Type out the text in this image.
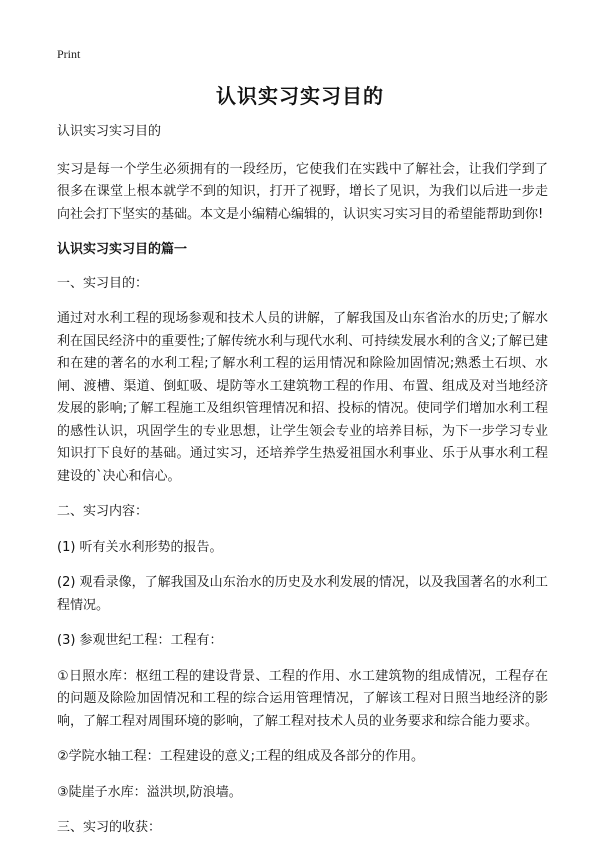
Print
认识实习实习目的

认识实习实习目的

实习是每一个学生必须拥有的一段经历，它使我们在实践中了解社会，让我们学到了很多在课堂上根本就学不到的知识，打开了视野，增长了见识，为我们以后进一步走向社会打下坚实的基础。本文是小编精心编辑的，认识实习实习目的希望能帮助到你!

认识实习实习目的篇一

一、实习目的：

通过对水利工程的现场参观和技术人员的讲解，了解我国及山东省治水的历史;了解水利在国民经济中的重要性;了解传统水利与现代水利、可持续发展水利的含义;了解已建和在建的著名的水利工程;了解水利工程的运用情况和除险加固情况;熟悉土石坝、水闸、渡槽、渠道、倒虹吸、堤防等水工建筑物工程的作用、布置、组成及对当地经济发展的影响;了解工程施工及组织管理情况和招、投标的情况。使同学们增加水利工程的感性认识，巩固学生的专业思想，让学生领会专业的培养目标，为下一步学习专业知识打下良好的基础。通过实习，还培养学生热爱祖国水利事业、乐于从事水利工程建设的`决心和信心。

二、实习内容：

(1) 听有关水利形势的报告。

(2) 观看录像，了解我国及山东治水的历史及水利发展的情况，以及我国著名的水利工程情况。

(3) 参观世纪工程：工程有：

①日照水库：枢纽工程的建设背景、工程的作用、水工建筑物的组成情况，工程存在的问题及除险加固情况和工程的综合运用管理情况，了解该工程对日照当地经济的影响，了解工程对周围环境的影响，了解工程对技术人员的业务要求和综合能力要求。

②学院水轴工程：工程建设的意义;工程的组成及各部分的作用。

③陡崖子水库：溢洪坝,防浪墙。

三、实习的收获：
